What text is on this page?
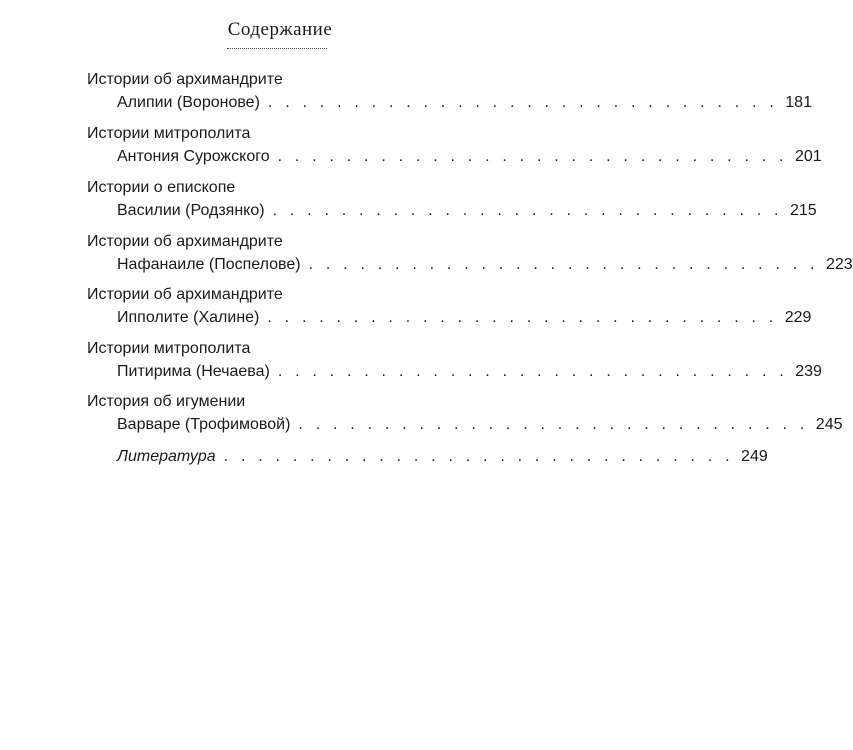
Содержание
Истории об архимандрите
Алипии (Воронове) . . . . . . . . . . . . . . . . . . . . . . . . . . . . . . 181
Истории митрополита
Антония Сурожского . . . . . . . . . . . . . . . . . . . . . . . . . . . . . . 201
Истории о епископе
Василии (Родзянко) . . . . . . . . . . . . . . . . . . . . . . . . . . . . . . 215
Истории об архимандрите
Нафанаиле (Поспелове) . . . . . . . . . . . . . . . . . . . . . . . . . . . . . . 223
Истории об архимандрите
Ипполите (Халине) . . . . . . . . . . . . . . . . . . . . . . . . . . . . . . 229
Истории митрополита
Питирима (Нечаева) . . . . . . . . . . . . . . . . . . . . . . . . . . . . . . 239
История об игумении
Варваре (Трофимовой) . . . . . . . . . . . . . . . . . . . . . . . . . . . . . . 245
Литература . . . . . . . . . . . . . . . . . . . . . . . . . . . . . . 249
